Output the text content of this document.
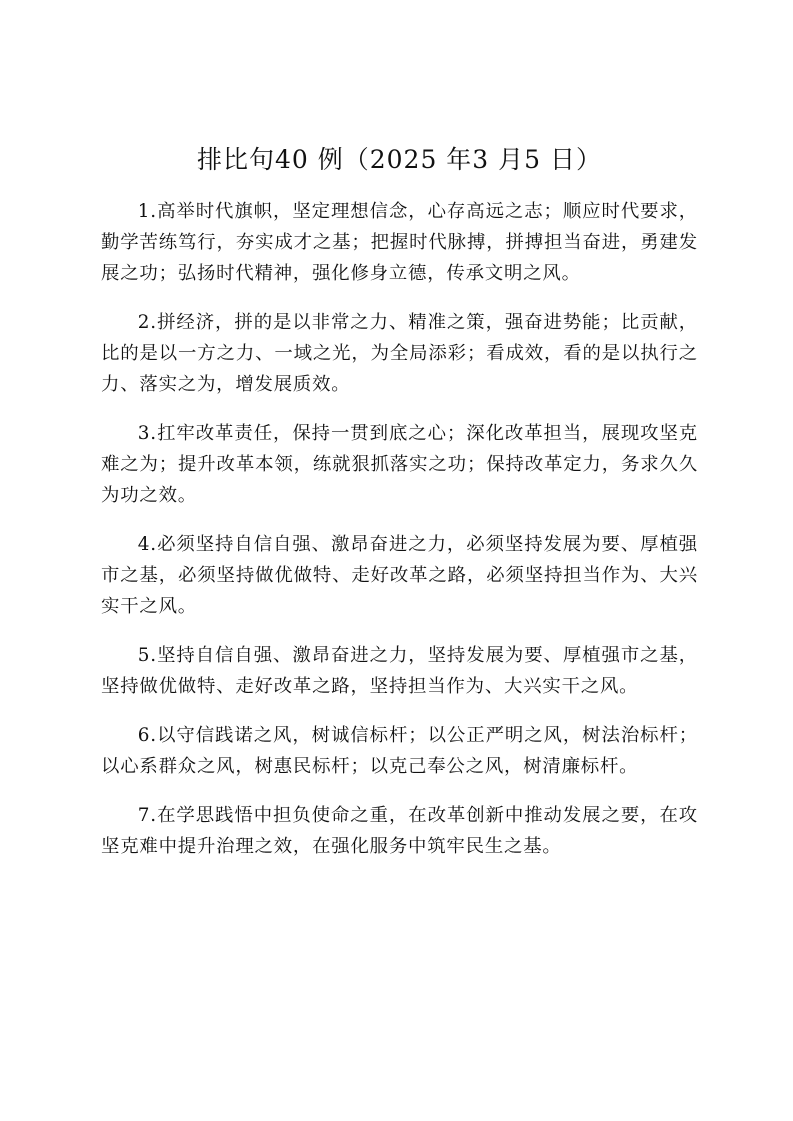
排比句40 例（2025 年3 月5 日）

1.高举时代旗帜，坚定理想信念，心存高远之志；顺应时代要求，勤学苦练笃行，夯实成才之基；把握时代脉搏，拼搏担当奋进，勇建发展之功；弘扬时代精神，强化修身立德，传承文明之风。

2.拼经济，拼的是以非常之力、精准之策，强奋进势能；比贡献，比的是以一方之力、一域之光，为全局添彩；看成效，看的是以执行之力、落实之为，增发展质效。

3.扛牢改革责任，保持一贯到底之心；深化改革担当，展现攻坚克难之为；提升改革本领，练就狠抓落实之功；保持改革定力，务求久久为功之效。

4.必须坚持自信自强、激昂奋进之力，必须坚持发展为要、厚植强市之基，必须坚持做优做特、走好改革之路，必须坚持担当作为、大兴实干之风。

5.坚持自信自强、激昂奋进之力，坚持发展为要、厚植强市之基，坚持做优做特、走好改革之路，坚持担当作为、大兴实干之风。

6.以守信践诺之风，树诚信标杆；以公正严明之风，树法治标杆；以心系群众之风，树惠民标杆；以克己奉公之风，树清廉标杆。

7.在学思践悟中担负使命之重，在改革创新中推动发展之要，在攻坚克难中提升治理之效，在强化服务中筑牢民生之基。
